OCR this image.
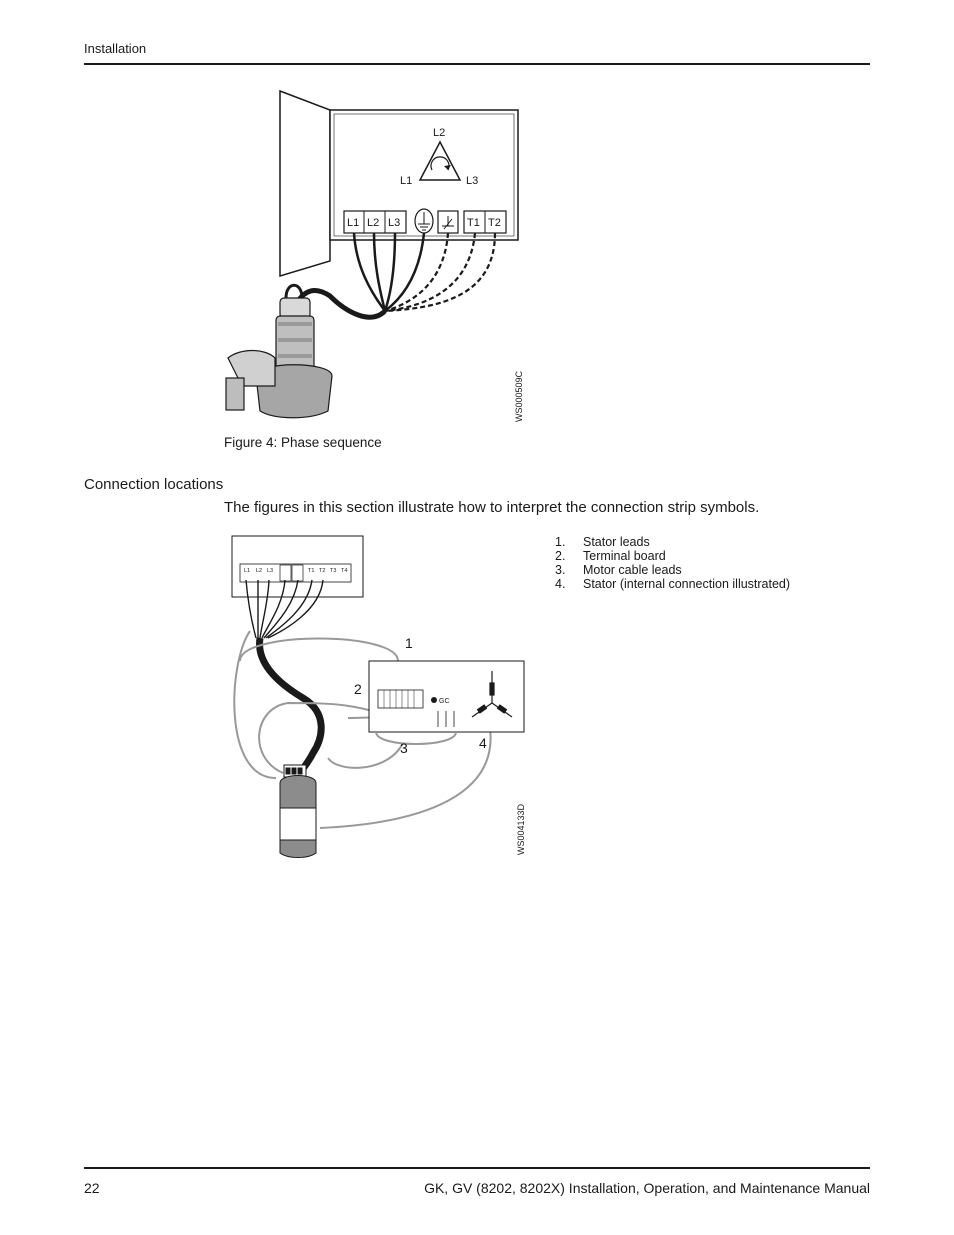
Installation
L2
L1	L3
L1 L2 L3	T1 T2
WS000509C
Figure 4: Phase sequence
Connection locations
The figures in this section illustrate how to interpret the connection strip symbols.
L1 L2 L3	T1 T2 T3 T4
GC
1
2
3	4
WS004133D
1.	Stator leads
2.	Terminal board
3.	Motor cable leads
4.	Stator (internal connection illustrated)
22	GK, GV (8202, 8202X) Installation, Operation, and Maintenance Manual
